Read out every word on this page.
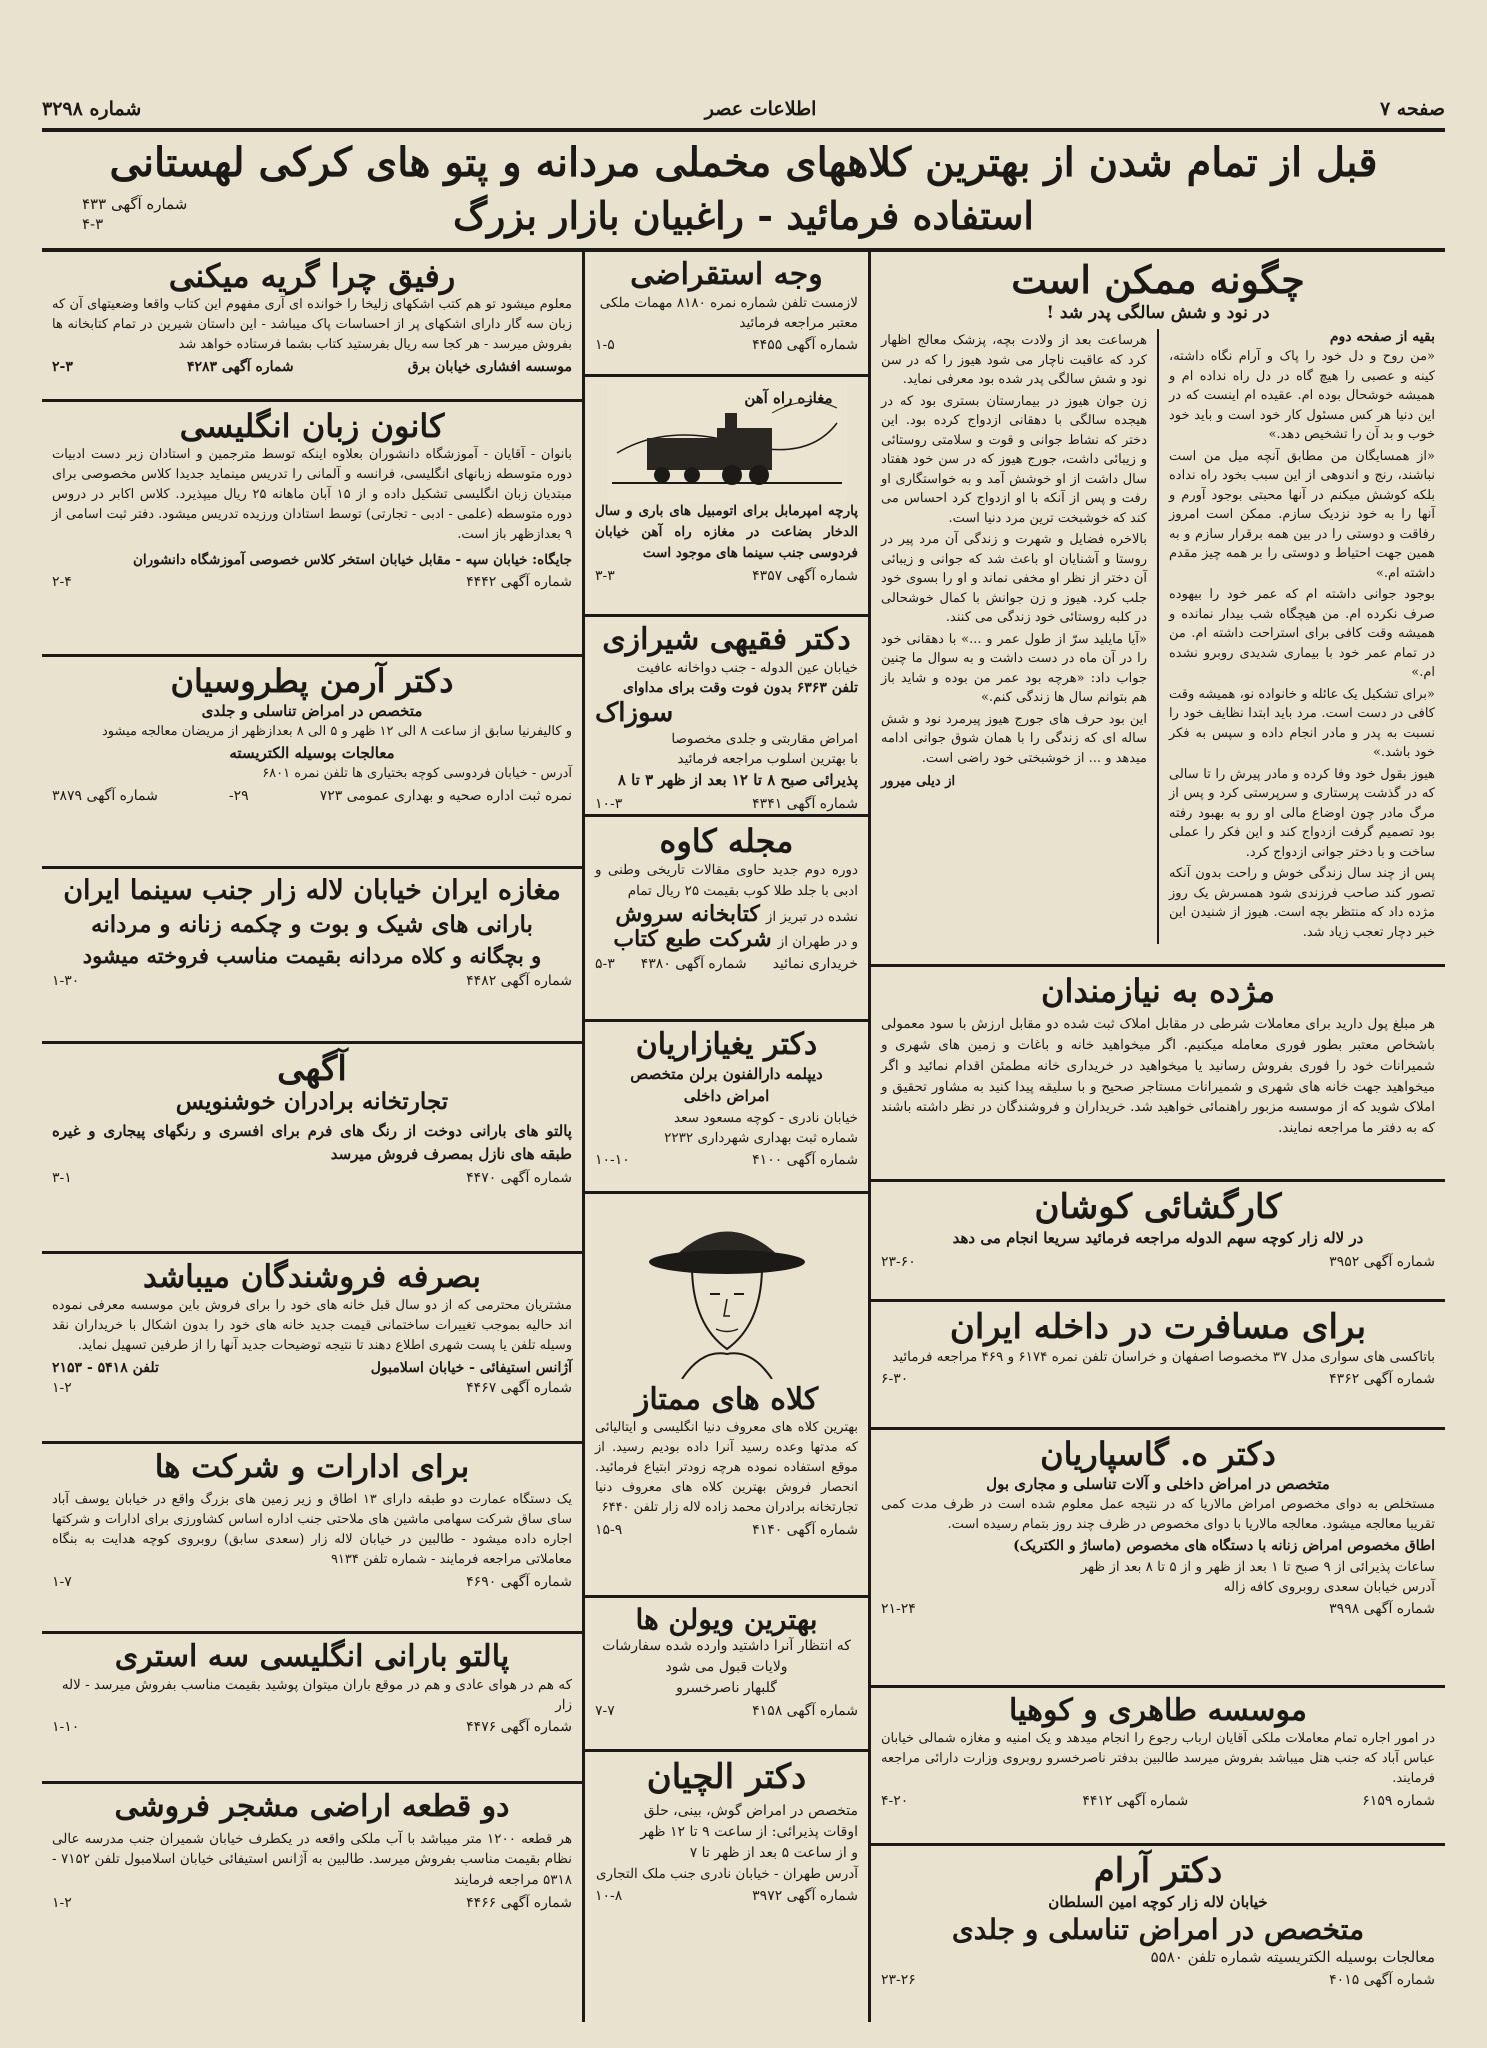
صفحه ۷
اطلاعات عصر
شماره ۳۲۹۸
قبل از تمام شدن از بهترین کلاههای مخملی مردانه و پتو های کرکی لهستانی
استفاده فرمائید - راغبیان بازار بزرگ
شماره آگهی ۴۳۳
۴-۳
چگونه ممکن است
در نود و شش سالگی پدر شد !
بقیه از صفحه دوم

«من روح و دل خود را پاک و آرام نگاه داشته، کینه و عصبی را هیچ گاه در دل راه نداده ام و همیشه خوشحال بوده ام. عقیده ام اینست که در این دنیا هر کس مسئول کار خود است و باید خود خوب و بد آن را تشخیص دهد.»

«از همسایگان من مطابق آنچه میل من است نباشند، رنج و اندوهی از این سبب بخود راه نداده بلکه کوشش میکنم در آنها محبتی بوجود آورم و آنها را به خود نزدیک سازم. ممکن است امروز رفاقت و دوستی را در بین همه برقرار سازم و به همین جهت احتیاط و دوستی را بر همه چیز مقدم داشته ام.»

بوجود جوانی داشته ام که عمر خود را بیهوده صرف نکرده ام. من هیچگاه شب بیدار نمانده و همیشه وقت کافی برای استراحت داشته ام. من در تمام عمر خود با بیماری شدیدی روبرو نشده ام.»

«برای تشکیل یک عائله و خانواده نو، همیشه وقت کافی در دست است. مرد باید ابتدا نظایف خود را نسبت به پدر و مادر انجام داده و سپس به فکر خود باشد.»

هیوز بقول خود وفا کرده و مادر پیرش را تا سالی که در گذشت پرستاری و سرپرستی کرد و پس از مرگ مادر چون اوضاع مالی او رو به بهبود رفته بود تصمیم گرفت ازدواج کند و این فکر را عملی ساخت و با دختر جوانی ازدواج کرد.

پس از چند سال زندگی خوش و راحت بدون آنکه تصور کند صاحب فرزندی شود همسرش یک روز مژده داد که منتظر بچه است. هیوز از شنیدن این خبر دچار تعجب زیاد شد.

هرساعت بعد از ولادت بچه، پزشک معالج اظهار کرد که عاقبت ناچار می شود هیوز را که در سن نود و شش سالگی پدر شده بود معرفی نماید.

زن جوان هیوز در بیمارستان بستری بود که در هیجده سالگی با دهقانی ازدواج کرده بود. این دختر که نشاط جوانی و قوت و سلامتی روستائی و زیبائی داشت، جورج هیوز که در سن خود هفتاد سال داشت از او خوشش آمد و به خواستگاری او رفت و پس از آنکه با او ازدواج کرد احساس می کند که خوشبخت ترین مرد دنیا است.

بالاخره فضایل و شهرت و زندگی آن مرد پیر در روستا و آشنایان او باعث شد که جوانی و زیبائی آن دختر از نظر او مخفی نماند و او را بسوی خود جلب کرد. هیوز و زن جوانش با کمال خوشحالی در کلبه روستائی خود زندگی می کنند.

«آیا مایلید سرّ از طول عمر و ...» با دهقانی خود را در آن ماه در دست داشت و به سوال ما چنین جواب داد: «هرچه بود عمر من بوده و شاید باز هم بتوانم سال ها زندگی کنم.»

این بود حرف های جورج هیوز پیرمرد نود و شش ساله ای که زندگی را با همان شوق جوانی ادامه میدهد و ... از خوشبختی خود راضی است.

از دیلی میرور
مژده به نیازمندان
هر مبلغ پول دارید برای معاملات شرطی در مقابل املاک ثبت شده دو مقابل ارزش با سود معمولی باشخاص معتبر بطور فوری معامله میکنیم. اگر میخواهید خانه و باغات و زمین های شهری و شمیرانات خود را فوری بفروش رسانید یا میخواهید در خریداری خانه مطمئن اقدام نمائید و اگر میخواهید جهت خانه های شهری و شمیرانات مستاجر صحیح و با سلیقه پیدا کنید به مشاور تحقیق و املاک شوید که از موسسه مزبور راهنمائی خواهید شد. خریداران و فروشندگان در نظر داشته باشند که به دفتر ما مراجعه نمایند.
کارگشائی کوشان
در لاله زار کوچه سهم الدوله مراجعه فرمائید سریعا انجام می دهد
شماره آگهی ۳۹۵۲
۲۳-۶۰
برای مسافرت در داخله ایران
باتاکسی های سواری مدل ۳۷ مخصوصا اصفهان و خراسان تلفن نمره ۶۱۷۴ و ۴۶۹ مراجعه فرمائید
شماره آگهی ۴۳۶۲
۶-۳۰
دکتر ه. گاسپاریان
متخصص در امراض داخلی و آلات تناسلی و مجاری بول
مستخلص به دوای مخصوص امراض مالاریا که در نتیجه عمل معلوم شده است در ظرف مدت کمی تقریبا معالجه میشود. معالجه مالاریا با دوای مخصوص در ظرف چند روز بتمام رسیده است.
اطاق مخصوص امراض زنانه با دستگاه های مخصوص (ماساژ و الکتریک)
ساعات پذیرائی از ۹ صبح تا ۱ بعد از ظهر و از ۵ تا ۸ بعد از ظهر
آدرس خیابان سعدی روبروی کافه زاله
شماره آگهی ۳۹۹۸
۲۱-۲۴
موسسه طاهری و کوهیا
در امور اجاره تمام معاملات ملکی آقایان ارباب رجوع را انجام میدهد و یک امنیه و مغازه شمالی خیابان عباس آباد که جنب هتل میباشد بفروش میرسد طالبین بدفتر ناصرخسرو روبروی وزارت دارائی مراجعه فرمایند.
شماره ۶۱۵۹
شماره آگهی ۴۴۱۲
۴-۲۰
دکتر آرام
خیابان لاله زار کوچه امین السلطان
متخصص در امراض تناسلی و جلدی
معالجات بوسیله الکتریسیته شماره تلفن ۵۵۸۰
شماره آگهی ۴۰۱۵
۲۳-۲۶
وجه استقراضی
لازمست تلفن شماره نمره ۸۱۸۰ مهمات ملکی معتبر مراجعه فرمائید
شماره آگهی ۴۴۵۵
۱-۵
مغازه راه آهن
پارچه امپرمابل برای اتومبیل های باری و سال الدخار بضاعت در مغازه راه آهن خیابان فردوسی جنب سینما های موجود است
شماره آگهی ۴۳۵۷
۳-۳
دکتر فقیهی شیرازی
خیابان عین الدوله - جنب دواخانه عافیت
تلفن ۶۳۶۳ بدون فوت وقت برای مداوای
سوزاک
امراض مقاربتی و جلدی مخصوصا
با بهترین اسلوب مراجعه فرمائید
پذیرائی صبح ۸ تا ۱۲ بعد از ظهر ۳ تا ۸
شماره آگهی ۴۳۴۱
۱۰-۳
مجله کاوه
دوره دوم جدید حاوی مقالات تاریخی وطنی و ادبی با جلد طلا کوب بقیمت ۲۵ ریال تمام
نشده در تبریز از
کتابخانه سروش
و در طهران از
شرکت طبع کتاب
خریداری نمائید
شماره آگهی ۴۳۸۰
۵-۳
دکتر یغیازاریان
دیپلمه دارالفنون برلن متخصص
امراض داخلی
خیابان نادری - کوچه مسعود سعد
شماره ثبت بهداری شهرداری ۲۲۳۲
شماره آگهی ۴۱۰۰
۱۰-۱۰
کلاه های ممتاز
بهترین کلاه های معروف دنیا انگلیسی و ایتالیائی که مدتها وعده رسید آنرا داده بودیم رسید. از موقع استفاده نموده هرچه زودتر ابتیاع فرمائید. انحصار فروش بهترین کلاه های معروف دنیا تجارتخانه برادران محمد زاده لاله زار تلفن ۶۴۴۰
شماره آگهی ۴۱۴۰
۱۵-۹
بهترین ویولن ها
که انتظار آنرا داشتید وارده شده سفارشات ولایات قبول می شود
گلبهار ناصرخسرو
شماره آگهی ۴۱۵۸
۷-۷
دکتر الچیان
متخصص در امراض گوش، بینی، حلق
اوقات پذیرائی: از ساعت ۹ تا ۱۲ ظهر
و از ساعت ۵ بعد از ظهر تا ۷
آدرس طهران - خیابان نادری جنب ملک التجاری
شماره آگهی ۳۹۷۲
۱۰-۸
رفیق چرا گریه میکنی
معلوم میشود تو هم کتب اشکهای زلیخا را خوانده ای آری مفهوم این کتاب واقعا وضعیتهای آن که زبان سه گار دارای اشکهای پر از احساسات پاک میباشد - این داستان شیرین در تمام کتابخانه ها بفروش میرسد - هر کجا سه ریال بفرستید کتاب بشما فرستاده خواهد شد
موسسه افشاری خیابان برق
شماره آگهی ۴۲۸۳
۲-۳
کانون زبان انگلیسی
بانوان - آقایان - آموزشگاه دانشوران بعلاوه اینکه توسط مترجمین و استادان زبر دست ادبیات دوره متوسطه زبانهای انگلیسی، فرانسه و آلمانی را تدریس مینماید جدیدا کلاس مخصوصی برای مبتدیان زبان انگلیسی تشکیل داده و از ۱۵ آبان ماهانه ۲۵ ریال میپذیرد. کلاس اکابر در دروس دوره متوسطه (علمی - ادبی - تجارتی) توسط استادان ورزیده تدریس میشود. دفتر ثبت اسامی از ۹ بعدازظهر باز است.
جایگاه: خیابان سپه - مقابل خیابان استخر کلاس خصوصی آموزشگاه دانشوران
شماره آگهی ۴۴۴۲
۲-۴
دکتر آرمن پطروسیان
متخصص در امراض تناسلی و جلدی
و کالیفرنیا سابق از ساعت ۸ الی ۱۲ ظهر و ۵ الی ۸ بعدازظهر از مریضان معالجه میشود
معالجات بوسیله الکتریسته
آدرس - خیابان فردوسی کوچه بختیاری ها تلفن نمره ۶۸۰۱
نمره ثبت اداره صحیه و بهداری عمومی ۷۲۳
۲۹-
شماره آگهی ۳۸۷۹
مغازه ایران خیابان لاله زار جنب سینما ایران
بارانی های شیک و بوت و چکمه زنانه و مردانه
و بچگانه و کلاه مردانه بقیمت مناسب فروخته میشود
شماره آگهی ۴۴۸۲
۱-۳۰
آگهی
تجارتخانه برادران خوشنویس
پالتو های بارانی دوخت از رنگ های فرم برای افسری و رنگهای پیجاری و غیره طبقه های نازل بمصرف فروش میرسد
شماره آگهی ۴۴۷۰
۳-۱
بصرفه فروشندگان میباشد
مشتریان محترمی که از دو سال قبل خانه های خود را برای فروش باین موسسه معرفی نموده اند حالیه بموجب تغییرات ساختمانی قیمت جدید خانه های خود را بدون اشکال با خریداران نقد وسیله تلفن یا پست شهری اطلاع دهند تا نتیجه توضیحات جدید آنها را از طرفین تسهیل نماید.
آژانس استیفائی - خیابان اسلامبول
تلفن ۵۴۱۸ - ۲۱۵۳
شماره آگهی ۴۴۶۷
۱-۲
برای ادارات و شرکت ها
یک دستگاه عمارت دو طبقه دارای ۱۳ اطاق و زیر زمین های بزرگ واقع در خیابان یوسف آباد سای ساق شرکت سهامی ماشین های ملاحتی جنب اداره اساس کشاورزی برای ادارات و شرکتها اجاره داده میشود - طالبین در خیابان لاله زار (سعدی سابق) روبروی کوچه هدایت به بنگاه معاملاتی مراجعه فرمایند - شماره تلفن ۹۱۳۴
شماره آگهی ۴۶۹۰
۱-۷
پالتو بارانی انگلیسی سه استری
که هم در هوای عادی و هم در موقع باران میتوان پوشید بقیمت مناسب بفروش میرسد - لاله زار
شماره آگهی ۴۴۷۶
۱-۱۰
دو قطعه اراضی مشجر فروشی
هر قطعه ۱۲۰۰ متر میباشد با آب ملکی واقعه در یکطرف خیابان شمیران جنب مدرسه عالی نظام بقیمت مناسب بفروش میرسد. طالبین به آژانس استیفائی خیابان اسلامبول تلفن ۷۱۵۲ - ۵۳۱۸ مراجعه فرمایند
شماره آگهی ۴۴۶۶
۱-۲
